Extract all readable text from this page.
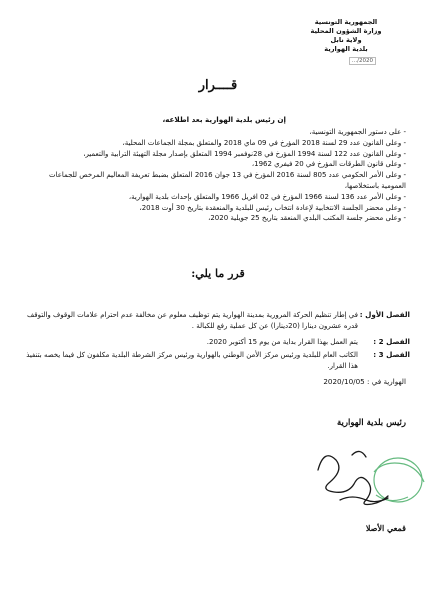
الجمهورية التونسية
وزارة الشؤون المحلية
ولاية نابل
بلدية الهوارية
2020/...
قــــرار
إن رئيس بلدية الهوارية بعد اطلاعه،
- على دستور الجمهورية التونسية،
- وعلى القانون عدد 29 لسنة 2018 المؤرخ في 09 ماي 2018 والمتعلق بمجلة الجماعات المحلية،
- وعلى القانون عدد 122 لسنة 1994 المؤرخ في 28نوفمبر 1994 المتعلق بإصدار مجلة التهيئة الترابية والتعمير،
- وعلى قانون الطرقات المؤرخ في 20 فيفري 1962،
- وعلى الأمر الحكومي عدد 805 لسنة 2016 المؤرخ في 13 جوان 2016 المتعلق بضبط تعريفة المعاليم المرخص للجماعات العمومية باستخلاصها،
- وعلى الأمر عدد 136 لسنة 1966 المؤرخ في 02 افريل 1966 والمتعلق بإحداث بلدية الهوارية،
- وعلى محضر الجلسة الانتخابية لإعادة انتخاب رئيس للبلدية والمنعقدة بتاريخ 30 أوت 2018،
- وعلى محضر جلسة المكتب البلدي المنعقد بتاريخ 25 جويلية 2020،
قرر ما يلي:
الفصل الأول :
في إطار تنظيم الحركة المرورية بمدينة الهوارية يتم توظيف معلوم عن مخالفة عدم احترام علامات الوقوف والتوقف قدره عشرون دينارا (20دينارا) عن كل عملية رفع للكبالة .
الفصل 2 :
يتم العمل بهذا القرار بداية من يوم 15 أكتوبر 2020.
الفصل 3 :
الكاتب العام للبلدية ورئيس مركز الأمن الوطني بالهوارية ورئيس مركز الشرطة البلدية مكلفون كل فيما يخصه بتنفيذ هذا القرار.
الهوارية في : 2020/10/05
رئيس بلدية الهوارية
قمعي الأصلا
